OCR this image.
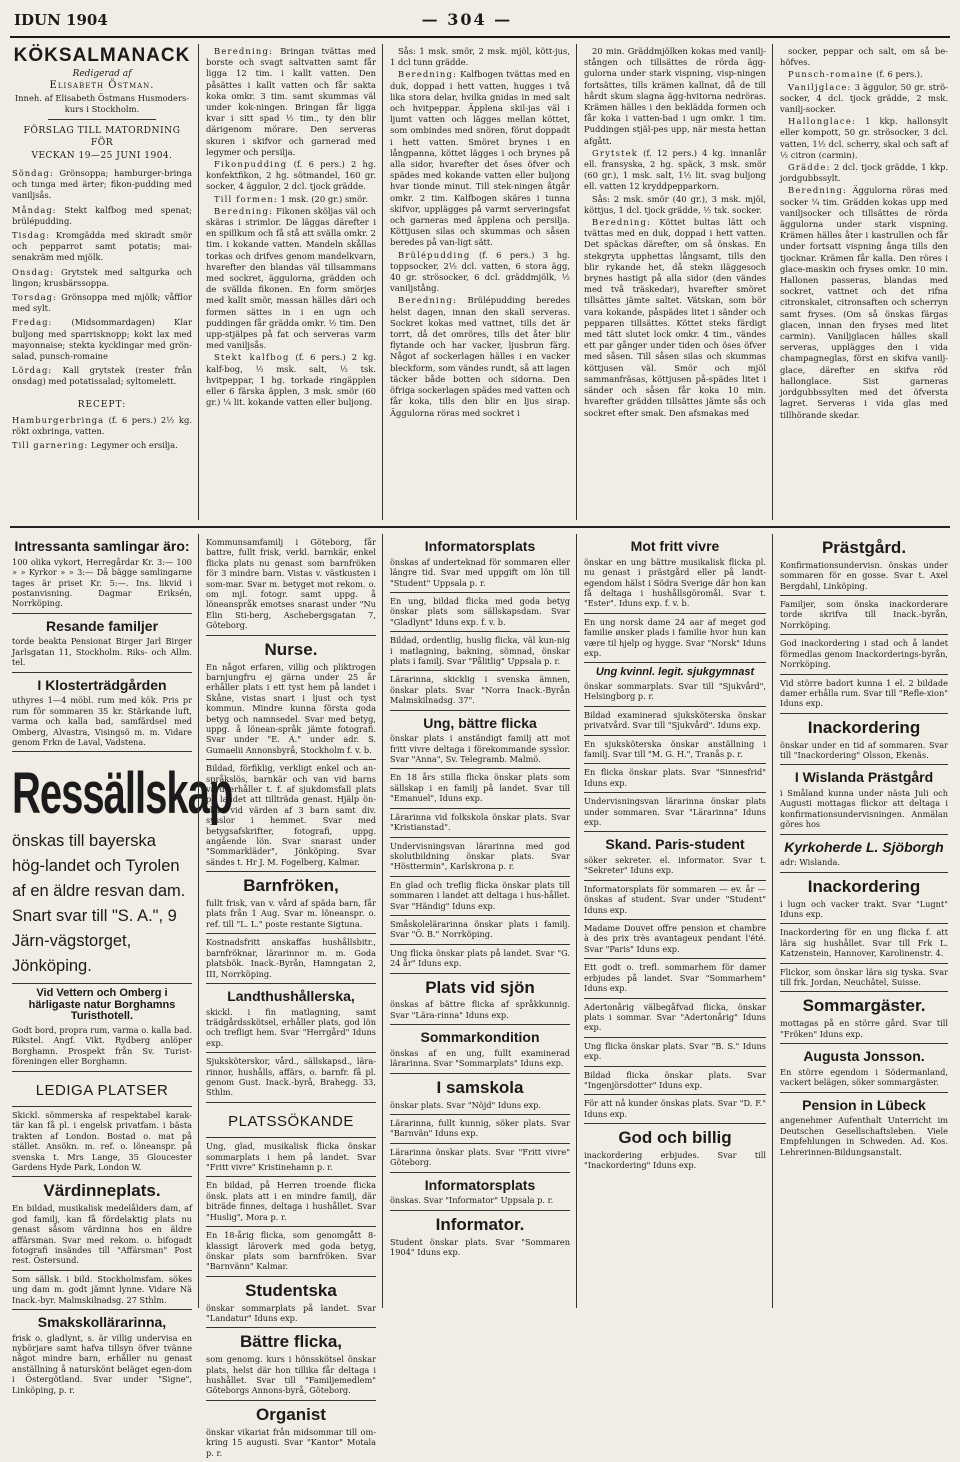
IDUN 1904	— 304 —
KÖKSALMANACK
Redigerad af
Elisabeth Östman.
Inneh. af Elisabeth Östmans Husmoders-kurs i Stockholm.
FÖRSLAG TILL MATORDNING FÖR
VECKAN 19—25 JUNI 1904.
Söndag: Grönsoppa; hamburger-bringa och tunga med ärter; fikon-pudding med vaniljsås.
Måndag: Stekt kalfbog med spenat; brülépudding.
Tisdag: Kromgädda med skiradt smör och pepparrot samt potatis; mai-senakräm med mjölk.
Onsdag: Grytstek med saltgurka och lingon; krusbärssoppa.
Torsdag: Grönsoppa med mjölk; våfflor med sylt.
Fredag: (Midsommardagen) Klar buljong med sparrisknopp; kokt lax med mayonnaise; stekta kycklingar med grön-salad, punsch-romaine
Lördag: Kall grytstek (rester från onsdag) med potatissalad; syltomelett.
RECEPT:
Hamburgerbringa (f. 6 pers.) 2½ kg. rökt oxbringa, vatten.
Till garnering: Legymer och ersilja.

Beredning: Bringan tvättas med borste och svagt saltvatten samt får ligga 12 tim. i kallt vatten. Den påsättes i kallt vatten och får sakta koka omkr. 3 tim. samt skummas väl under kok-ningen. Bringan får ligga kvar i sitt spad ½ tim., ty den blir därigenom mörare. Den serveras skuren i skifvor och garnerad med legymer och persilja.

Fikonpudding (f. 6 pers.) 2 hg. konfektfikon, 2 hg. sötmandel, 160 gr. socker, 4 äggulor, 2 dcl. tjock grädde.

Till formen: 1 msk. (20 gr.) smör.

Beredning: Fikonen sköljas väl och skäras i strimlor. De läggas därefter i en spillkum och få stå att svälla omkr. 2 tim. i kokande vatten. Mandeln skållas torkas och drifves genom mandelkvarn, hvarefter den blandas väl tillsammans med sockret, äggulorna, grädden och de svällda fikonen. En form smörjes med kallt smör, massan hälles däri och formen sättes in i en ugn och puddingen får grädda omkr. ½ tim. Den upp-stjälpes på fat och serveras varm med vaniljsås.

Stekt kalfbog (f. 6 pers.) 2 kg. kalf-bog, ½ msk. salt, ½ tsk. hvitpeppar, 1 hg. torkade ringäpplen eller 6 färska äpplen, 3 msk. smör (60 gr.) ¼ lit. kokande vatten eller buljong.

Sås: 1 msk. smör, 2 msk. mjöl, kött-jus, 1 dcl tunn grädde.

Beredning: Kalfbogen tvättas med en duk, doppad i hett vatten, hugges i två lika stora delar, hvilka gnidas in med salt och hvitpeppar. Äpplena skil-jas väl i ljumt vatten och lägges mellan köttet, som ombindes med snören, förut doppadt i hett vatten. Smöret brynes i en långpanna, köttet lägges i och brynes på alla sidor, hvarefter det öses öfver och spädes med kokande vatten eller buljong hvar tionde minut. Till stek-ningen åtgår omkr. 2 tim. Kalfbogen skäres i tunna skifvor, upplägges på varmt serveringsfat och garneras med äpplena och persilja. Köttjusen silas och skummas och såsen beredes på van-ligt sätt.

Brülépudding (f. 6 pers.) 3 hg. toppsocker, 2½ dcl. vatten, 6 stora ägg, 40 gr. strösocker, 6 dcl. gräddmjölk, ½ vaniljstång.

Beredning: Brülépudding beredes helst dagen, innan den skall serveras. Sockret kokas med vattnet, tills det är torrt, då det omröres, tills det åter blir flytande och har vacker, ljusbrun färg. Något af sockerlagen hälles i en vacker bleckform, som vändes rundt, så att lagen täcker både botten och sidorna. Den öfriga sockerlagen spädes med vatten och får koka, tills den blir en ljus sirap. Äggulorna röras med sockret i

20 min. Gräddmjölken kokas med vanilj-stången och tillsättes de rörda ägg-gulorna under stark vispning, visp-ningen fortsättes, tills krämen kallnat, då de till hårdt skum slagna ägg-hvitorna nedröras. Krämen hälles i den beklädda formen och får koka i vatten-bad i ugn omkr. 1 tim. Puddingen stjäl-pes upp, när mesta hettan afgått.

Grytstek (f. 12 pers.) 4 kg. innanlår ell. fransyska, 2 hg. späck, 3 msk. smör (60 gr.), 1 msk. salt, 1½ lit. svag buljong ell. vatten 12 kryddpepparkorn.

Sås: 2 msk. smör (40 gr.), 3 msk. mjöl, köttjus, 1 dcl. tjock grädde, ½ tsk. socker.

Beredning: Köttet bultas lätt och tvättas med en duk, doppad i hett vatten. Det späckas därefter, om så önskas. En stekgryta upphettas långsamt, tills den blir rykande het, då stekn iläggesoch brynes hastigt på alla sidor (den vändes med två träskedar), hvarefter smöret tillsättes jämte saltet. Vätskan, som bör vara kokande, påspädes litet i sänder och pepparen tillsättes. Köttet steks färdigt med tätt slutet lock omkr. 4 tim., vändes ett par gånger under tiden och öses öfver med såsen. Till såsen silas och skummas köttjusen väl. Smör och mjöl sammanfräsas, köttjusen på-spädes litet i sänder och såsen får koka 10 min. hvarefter grädden tillsättes jämte sås och sockret efter smak. Den afsmakas med

socker, peppar och salt, om så be-höfves.

Punsch-romaine (f. 6 pers.).

Vaniljglace: 3 äggulor, 50 gr. strö-socker, 4 dcl. tjock grädde, 2 msk. vanilj-socker.

Hallonglace: 1 kkp. hallonsylt eller kompott, 50 gr. strösocker, 3 dcl. vatten, 1½ dcl. scherry, skal och saft af ½ citron (carmin).

Grädde: 2 dcl. tjock grädde, 1 kkp. jordgubbssylt.

Beredning: Äggulorna röras med socker ¼ tim. Grädden kokas upp med vaniljsocker och tillsättes de rörda äggulorna under stark vispning. Krämen hälles åter i kastrullen och får under fortsatt vispning ånga tills den tjocknar. Krämen får kalla. Den röres i glace-maskin och fryses omkr. 10 min. Hallonen passeras, blandas med sockret, vattnet och det rifna citronskalet, citronsaften och scherryn samt fryses. (Om så önskas färgas glacen, innan den fryses med litet carmin). Vaniljglacen hälles skall serveras, upplägges den i vida champagneglas, först en skifva vanilj-glace, därefter en skifva röd hallonglace. Sist garneras jordgubbssylten med det öfverstа lagret. Serveras i vida glas med tillhörande skedar.

Intressanta samlingar äro:
100 olika vykort, Herregårdar Kr. 3:— 100 » » Kyrkor » » 3:— Då bägge samlingarne tages är priset Kr. 5:—. Ins. likvid i postanvisning. Dagmar Eriksén, Norrköping.
Resande familjer
torde beakta Pensionat Birger Jarl Birger Jarlsgatan 11, Stockholm. Riks- och Allm. tel.
I Klosterträdgården
uthyres 1—4 möbl. rum med kök. Pris pr rum för sommaren 35 kr. Stärkande luft, varma och kalla bad, samfärdsel med Omberg, Alvastra, Visingsö m. m. Vidare genom Frkn de Laval, Vadstena.
Ressällskap
önskas till bayerska hög-landet och Tyrolen af en äldre resvan dam. Snart svar till "S. A.", 9 Järn-vägstorget, Jönköping.
Vid Vettern och Omberg i härligaste natur Borghamns Turisthotell.
Godt bord, propra rum, varma o. kalla bad. Rikstel. Angf. Vikt. Rydberg anlöper Borghamn. Prospekt från Sv. Turist-föreningen eller Borghamn.
LEDIGA PLATSER
Skickl. sömmerska af respektabel karak-tär kan få pl. i engelsk privatfam. i bästa trakten af London. Bostad o. mat på stället. Ansökn. m. ref. o. löneanspr. på svenska t. Mrs Lange, 35 Gloucester Gardens Hyde Park, London W.
Värdinneplats.
En bildad, musikalisk medelålders dam, af god familj, kan få fördelaktig plats nu genast såsom värdinna hos en äldre affärsman. Svar med rekom. o. bifogadt fotografi insändes till "Affärsman" Post rest. Östersund.
Som sällsk. i bild. Stockholmsfam. sökes ung dam m. godt jämnt lynne. Vidare Nä Inack.-byr. Malmskilnadsg. 27 Sthlm.
Smakskollärarinna,
frisk o. gladlynt, s. är villig undervisa en nybörjare samt hafva tillsyn öfver tvänne något mindre barn, erhåller nu genast anställning å naturskönt beläget egen-dom i Östergötland. Svar under "Signe", Linköping, p. r.
Kommunsamfamilj i Göteborg, får battre, fullt frisk, verkl. barnkär, enkel flicka plats nu genast som barnfröken för 3 mindre barn. Vistas v. västkusten i som-mar. Svar m. betyget mot rekom. o. om mjl. fotogr. samt uppg. å löneanspråk emotses snarast under "Nu Elin Sti-berg, Aschebergsgatan 7, Göteborg.
Nurse.
En något erfaren, villig och pliktrogen barnjungfru ej gärna under 25 år erhåller plats i ett tyst hem på landet i Skåne, vistas snart i ljust och tyst kommun. Mindre kunna första goda betyg och namnsedel. Svar med betyg, uppg. å lönean-språk jämte fotografi. Svar under "E. A." under adr. S. Gumaelii Annonsbyrå, Stockholm f. v. b.
Bildad, förfiklig, verkligt enkel och an-språkslös, barnkär och van vid barns vård erhåller t. f. af sjukdomsfall plats på landet att tillträda genast. Hjälp ön-skas vid värden af 3 barn samt div. sysslor i hemmet. Svar med betygsafskrifter, fotografi, uppg. angående lön. Svar snarast under "Sommarkläder", Jönköping. Svar sändes t. Hr J. M. Fogelberg, Kalmar.
Barnfröken,
fullt frisk, van v. vård af späda barn, får plats från 1 Aug. Svar m. löneanspr. o. ref. till "L. L." poste restante Sigtuna.
Kostnadsfritt anskaffas hushållsbitr., barnfröknar, lärarinnor m. m. Goda platsbök. Inack.-Byrån, Hamngatan 2, III, Norrköping.
Landthushållerska,
skickl. i fin matlagning, samt trädgårdsskötsel, erhåller plats, god lön och trefligt hem. Svar "Herrgård" Iduns exp.
Sjuksköterskor, vård., sällskapsd., lära-rinnor, hushålls, affärs, o. barnfr. få pl. genom Gust. Inack.-byrå, Brahegg. 33, Sthlm.
PLATSSÖKANDE
Ung, glad, musikalisk flicka önskar sommarplats i hem på landet. Svar "Fritt vivre" Kristinehamn p. r.
En bildad, på Herren troende flicka önsk. plats att i en mindre familj, där biträde finnes, deltaga i hushållet. Svar "Huslig", Mora p. r.
En 18-årig flicka, som genomgått 8-klassigt läroverk med goda betyg, önskar plats som barnfröken. Svar "Barnvänn" Kalmar.
Studentska
önskar sommarplats på landet. Svar "Landatur" Iduns exp.
Bättre flicka,
som genomg. kurs i hönsskötsel önskar plats, helst där hon tillika får deltaga i hushållet. Svar till "Familjemedlem" Göteborgs Annons-byrå, Göteborg.
Organist
önskar vikariat från midsommar till om-kring 15 augusti. Svar "Kantor" Motala p. r.
Informatorsplats
önskas af underteknad för sommaren eller längre tid. Svar med uppgift om lön till "Student" Uppsala p. r.
En ung, bildad flicka med goda betyg önskar plats som sällskapsdam. Svar "Gladlynt" Iduns exp. f. v. b.
Bildad, ordentlig, huslig flicka, väl kun-nig i matlagning, bakning, sömnad, önskar plats i familj. Svar "Pålitlig" Uppsala p. r.
Lärarinna, skicklig i svenska ämnen, önskar plats. Svar "Norra Inack.-Byrån Malmskilnadsg. 37".
Ung, bättre flicka
önskar plats i anständigt familj att mot fritt vivre deltaga i förekommande sysslor. Svar "Anna", Sv. Telegramb. Malmö.
En 18 års stilla flicka önskar plats som sällskap i en familj på landet. Svar till "Emanuel", Iduns exp.
Lärarinna vid folkskola önskar plats. Svar "Kristianstad".
Undervisningsvan lärarinna med god skolutbildning önskar plats. Svar "Hösttermin", Karlskrona p. r.
En glad och treflig flicka önskar plats till sommaren i landet att deltaga i hus-hållet. Svar "Händig" Iduns exp.
Småskolelärarinna önskar plats i familj. Svar "Ö. B." Norrköping.
Ung flicka önskar plats på landet. Svar "G. 24 år" Iduns exp.
Plats vid sjön
önskas af bättre flicka af språkkunnig. Svar "Lära-rinna" Iduns exp.
Sommarkondition
önskas af en ung, fullt examinerad lärarinna. Svar "Sommarplats" Iduns exp.
I samskola
önskar plats. Svar "Nöjd" Iduns exp.
Lärarinna, fullt kunnig, söker plats. Svar "Barnvän" Iduns exp.
Lärarinna önskar plats. Svar "Fritt vivre" Göteborg.
Informatorsplats
önskas. Svar "Informator" Uppsala p. r.
Informator.
Student önskar plats. Svar "Sommaren 1904" Iduns exp.
Mot fritt vivre
önskar en ung bättre musikalisk flicka pl. nu genast i prästgård eller på landt-egendom hälst i Södra Sverige där hon kan få deltaga i hushållsgöromål. Svar t. "Ester". Iduns exp. f. v. b.
En ung norsk dame 24 aar af meget god familie ønsker plads i familie hvor hun kan være til hjelp og hygge. Svar "Norsk" Iduns exp.
Ung kvinnl. legit. sjukgymnast
önskar sommarplats. Svar till "Sjukvård", Helsingborg p. r.
Bildad examinerad sjuksköterska önskar privatvård. Svar till "Sjukvård". Iduns exp.
En sjuksköterska önskar anställning i familj. Svar till "M. G. H.", Tranås p. r.
En flicka önskar plats. Svar "Sinnesfrid" Iduns exp.
Undervisningsvan lärarinna önskar plats under sommaren. Svar "Lärarinna" Iduns exp.
Skand. Paris-student
söker sekreter. el. informator. Svar t. "Sekreter" Iduns exp.
Informatorsplats för sommaren — ev. år — önskas af student. Svar under "Student" Iduns exp.
Madame Douvet offre pension et chambre à des prix très avantageux pendant l'été. Svar "Paris" Iduns exp.
Ett godt o. trefl. sommarhem för damer erbjudes på landet. Svar "Sommarhem" Iduns exp.
Adertonårig välbegåfvad flicka, önskar plats i sommar. Svar "Adertonårig" Iduns exp.
Ung flicka önskar plats. Svar "B. S." Iduns exp.
Bildad flicka önskar plats. Svar "Ingenjörsdotter" Iduns exp.
För att nå kunder önskas plats. Svar "D. F." Iduns exp.
God och billig
inackordering erbjudes. Svar till "Inackordering" Iduns exp.
Prästgård.
Konfirmationsundervisn. önskas under sommaren för en gosse. Svar t. Axel Bergdahl, Linköping.
Familjer, som önska inackorderare torde skrifva till Inack.-byrån, Norrköping.
God inackordering i stad och å landet förmedlas genom Inackorderings-byrån, Norrköping.
Vid större badort kunna 1 el. 2 bildade damer erhålla rum. Svar till "Refle-xion" Iduns exp.
Inackordering
önskar under en tid af sommaren. Svar till "Inackordering" Olsson, Ekenäs.
I Wislanda Prästgård
i Småland kunna under nästa Juli och Augusti mottagas flickor att deltaga i konfirmationsundervisningen. Anmälan göres hos
Kyrkoherde L. Sjöborgh
adr: Wislanda.
Inackordering
i lugn och vacker trakt. Svar "Lugnt" Iduns exp.
Inackordering för en ung flicka f. att lära sig hushållet. Svar till Frk L. Katzenstein, Hannover, Karolinenstr. 4.
Flickor, som önskar lära sig tyska. Svar till frk. Jordan, Neuchâtel, Suisse.
Sommargäster.
mottagas på en större gård. Svar till "Fröken" Iduns exp.
Augusta Jonsson.
En större egendom i Södermanland, vackert belägen, söker sommargäster.
Pension in Lübeck
angenehmer Aufenthalt Unterricht im Deutschen Gesellschaftsleben. Viele Empfehlungen in Schweden. Ad. Kos. Lehrerinnen-Bildungsanstalt.
